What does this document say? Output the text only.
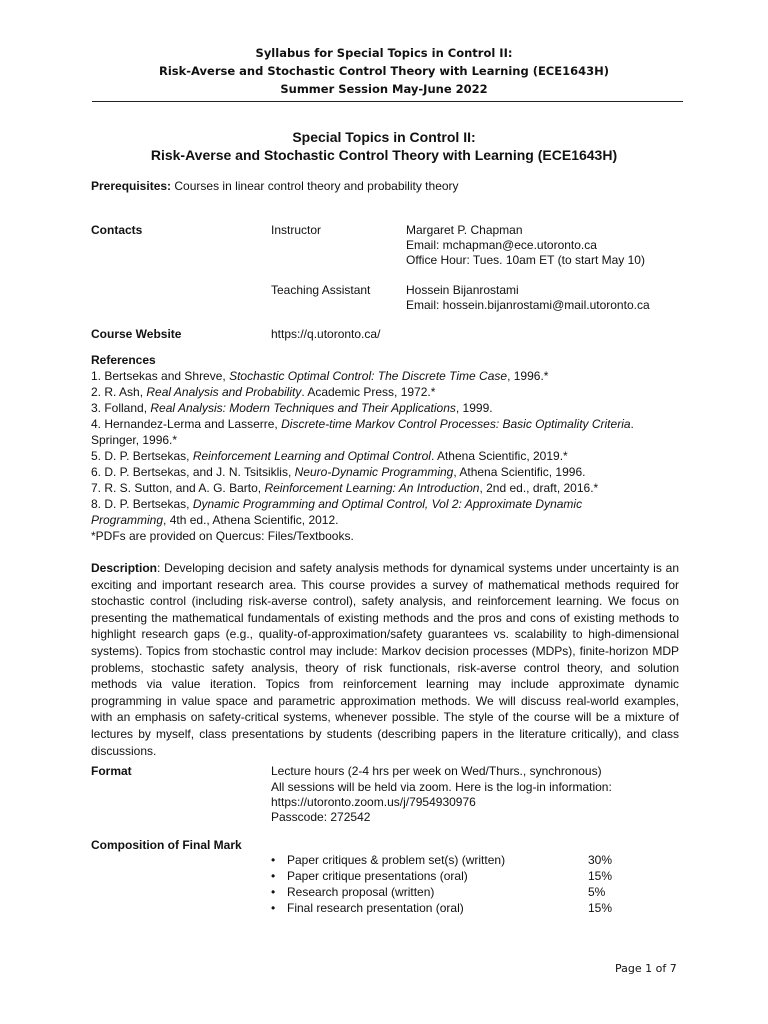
Syllabus for Special Topics in Control II:
Risk-Averse and Stochastic Control Theory with Learning (ECE1643H)
Summer Session May-June 2022
Special Topics in Control II:
Risk-Averse and Stochastic Control Theory with Learning (ECE1643H)
Prerequisites: Courses in linear control theory and probability theory
Contacts	Instructor	Margaret P. Chapman
Email: mchapman@ece.utoronto.ca
Office Hour: Tues. 10am ET (to start May 10)
Teaching Assistant	Hossein Bijanrostami
Email: hossein.bijanrostami@mail.utoronto.ca
Course Website	https://q.utoronto.ca/
References
1. Bertsekas and Shreve, Stochastic Optimal Control: The Discrete Time Case, 1996.*
2. R. Ash, Real Analysis and Probability. Academic Press, 1972.*
3. Folland, Real Analysis: Modern Techniques and Their Applications, 1999.
4. Hernandez-Lerma and Lasserre, Discrete-time Markov Control Processes: Basic Optimality Criteria.
Springer, 1996.*
5. D. P. Bertsekas, Reinforcement Learning and Optimal Control. Athena Scientific, 2019.*
6. D. P. Bertsekas, and J. N. Tsitsiklis, Neuro-Dynamic Programming, Athena Scientific, 1996.
7. R. S. Sutton, and A. G. Barto, Reinforcement Learning: An Introduction, 2nd ed., draft, 2016.*
8. D. P. Bertsekas, Dynamic Programming and Optimal Control, Vol 2: Approximate Dynamic
Programming, 4th ed., Athena Scientific, 2012.
*PDFs are provided on Quercus: Files/Textbooks.
Description: Developing decision and safety analysis methods for dynamical systems under uncertainty is an exciting and important research area. This course provides a survey of mathematical methods required for stochastic control (including risk-averse control), safety analysis, and reinforcement learning. We focus on presenting the mathematical fundamentals of existing methods and the pros and cons of existing methods to highlight research gaps (e.g., quality-of-approximation/safety guarantees vs. scalability to high-dimensional systems). Topics from stochastic control may include: Markov decision processes (MDPs), finite-horizon MDP problems, stochastic safety analysis, theory of risk functionals, risk-averse control theory, and solution methods via value iteration. Topics from reinforcement learning may include approximate dynamic programming in value space and parametric approximation methods. We will discuss real-world examples, with an emphasis on safety-critical systems, whenever possible. The style of the course will be a mixture of lectures by myself, class presentations by students (describing papers in the literature critically), and class discussions.
Format	Lecture hours (2-4 hrs per week on Wed/Thurs., synchronous)
All sessions will be held via zoom. Here is the log-in information:
https://utoronto.zoom.us/j/7954930976
Passcode: 272542
Composition of Final Mark
• Paper critiques & problem set(s) (written)	30%
• Paper critique presentations (oral)	15%
• Research proposal (written)	5%
• Final research presentation (oral)	15%
Page 1 of 7
